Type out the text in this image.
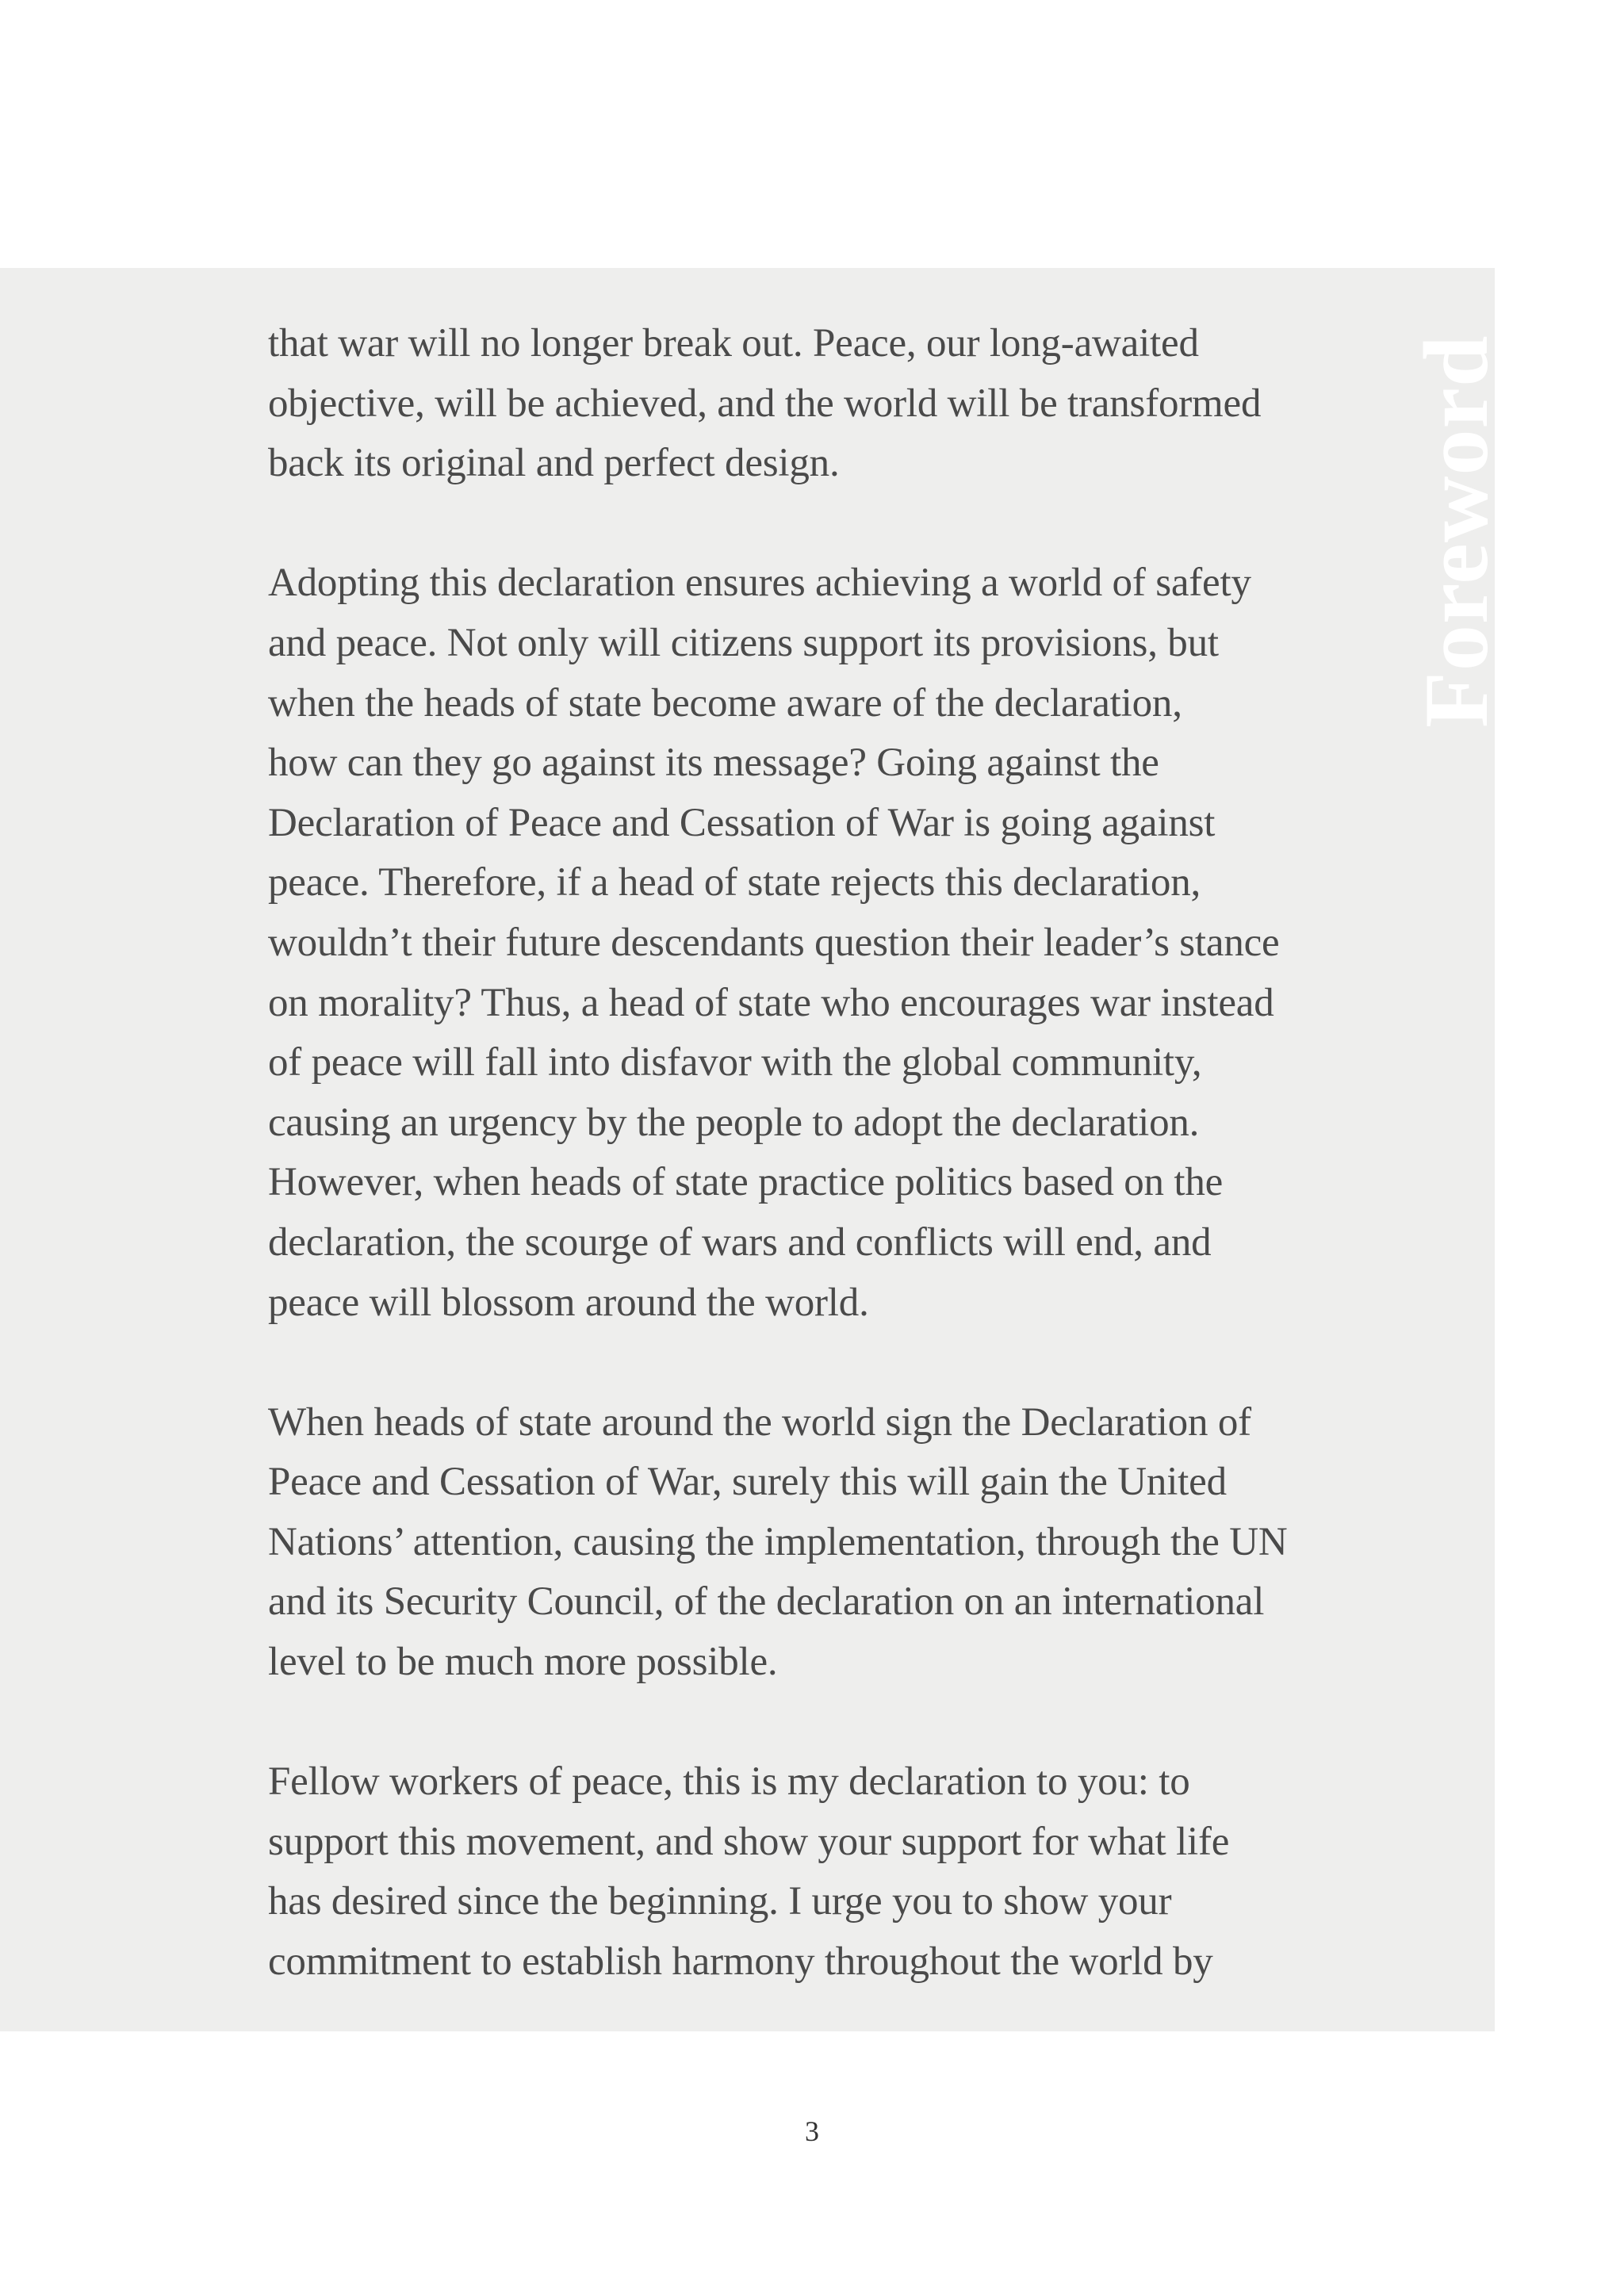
Foreword

that war will no longer break out. Peace, our long-awaited
objective, will be achieved, and the world will be transformed
back its original and perfect design.

Adopting this declaration ensures achieving a world of safety
and peace. Not only will citizens support its provisions, but
when the heads of state become aware of the declaration,
how can they go against its message? Going against the
Declaration of Peace and Cessation of War is going against
peace. Therefore, if a head of state rejects this declaration,
wouldn’t their future descendants question their leader’s stance
on morality? Thus, a head of state who encourages war instead
of peace will fall into disfavor with the global community,
causing an urgency by the people to adopt the declaration.
However, when heads of state practice politics based on the
declaration, the scourge of wars and conflicts will end, and
peace will blossom around the world.

When heads of state around the world sign the Declaration of
Peace and Cessation of War, surely this will gain the United
Nations’ attention, causing the implementation, through the UN
and its Security Council, of the declaration on an international
level to be much more possible.

Fellow workers of peace, this is my declaration to you: to
support this movement, and show your support for what life
has desired since the beginning. I urge you to show your
commitment to establish harmony throughout the world by

3
